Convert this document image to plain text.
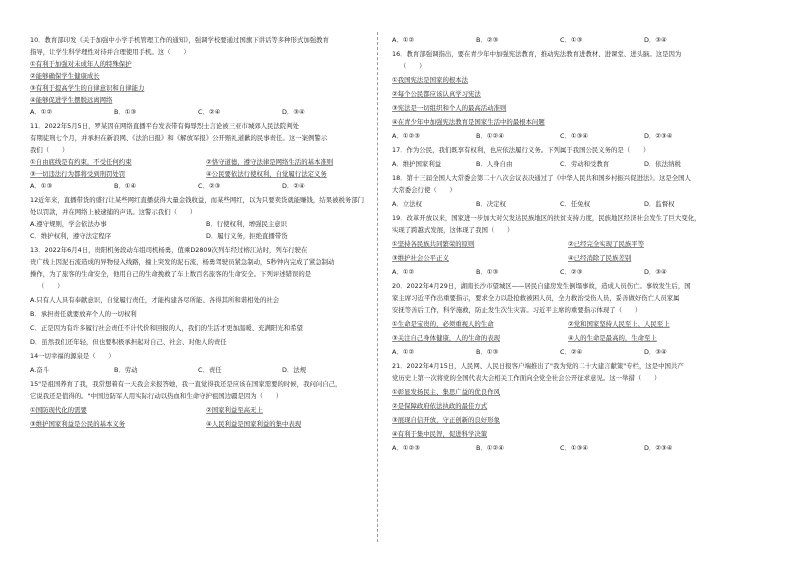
10．教育部印发《关于加强中小学手机管理工作的通知》，强调学校要通过国旗下讲话等多种形式加强教育
指导，让学生科学理性对待并合理使用手机。这（　　）
①有利于加强对未成年人的特殊保护
②能够确保学生健康成长
③有利于提高学生的自律意识和自律能力
④能够促进学生摆脱远离网络
A．①②	B．①③	C．②④	D．③④
11．2022年5月5日，罗某因在网络直播平台发表带有侮辱烈士言论被三亚市城郊人民法院判处
有期徒刑七个月，并承担在新浪网、《法治日报》和《解放军报》公开赔礼道歉的民事责任。这一案例警示
我们（　　）
①自由底线是有约束，不受任何约束	②恪守道德，遵守法律是网络生活的基本准则
③一切违法行为都将受到刑罚处罚	④公民要依法行使权利，自觉履行法定义务
A．①③	B．①④	C．②③	D．②④
12近年来，直播带货的盛行让某些网红直播获得大量金钱收益，而某些网红，以为只要卖货就能赚钱，结果被税务部门
处以罚款，并在网络上被逮捕的声讯。这警示我们（　　）
A.遵守规则，学会依法办事	B．行使权利，增强民主意识
C．维护权利，遵守法定程序	D．履行义务，拒绝直播带货
13．2022年6月4日，贵阳机务段动车组司机杨勇，值乘D2809次列车经过榕江站时，列车行驶在
贵广线上因泥石流造成的异物侵入线路，撞上突发的泥石流，杨勇驾驶员紧急制动，5秒钟内完成了紧急制动
操作，为了旅客的生命安全，他用自己的生命挽救了车上数百名旅客的生命安全。下列评述错误的是
（　　）
A.只有人人具有奉献意识，自觉履行责任，才能构建各尽所能、各得其所和谐相处的社会
B．承担责任就要放弃个人的一切权利
C．正是因为有许多履行社会责任不计代价和回报的人，我们的生活才更加温暖、充满阳光和希望
D．虽然我们还年轻，但也要积极承担起对自己、社会、对他人的责任
14一切幸福的源泉是（　　）
A.奋斗	B．劳动	C．责任	D．法规
15"是祖国养育了我，我常想着有一天我会来报答她，我一直觉得我还是应该在国家需要的时候，我问问自己，
它说我还是值得的。"中国边防军人用实际行动以热血和生命守护祖国边疆是因为（　　）
①国防现代化的需要	②国家利益至高无上
③维护国家利益是公民的基本义务	④人民利益是国家利益的集中表现
A．①②	B．②③	C．①③	D．③④
16．教育部强调指出，要在青少年中加强宪法教育，推动宪法教育进教材、进课堂、进头脑。这是因为
（　　）
①我国宪法是国家的根本法
②每个公民都应该认真学习宪法
③宪法是一切组织和个人的最高活动准则
④在青少年中加强宪法教育是国家生活中的最根本问题
A．①②③	B．①②④	C．①③④	D．②③④
17．作为公民，我们既享有权利，也应依法履行义务。下列属于我国公民义务的是（　　）
A．维护国家利益	B．人身自由	C．劳动和受教育	D．依法纳税
18．第十三届全国人大常委会第二十八次会议表决通过了《中华人民共和国乡村振兴促进法》。这是全国人
大常委会行使（　　）
A．立法权	B．决定权	C．任免权	D．监督权
19．改革开放以来，国家进一步加大对欠发达民族地区的扶贫支持力度，民族地区经济社会发生了巨大变化，
实现了跨越式发展，这体现了我国（　　）
①坚持各民族共同繁荣的原则	②已经完全实现了民族平等
③维护社会公平正义	④已经消除了民族差别
A．①②	B．①③	C．②③	D．③④
20．2022年4月29日，湖南长沙市望城区——居民自建房发生倒塌事故，造成人员伤亡。事故发生后，国
家主席习近平作出重要指示，要求全力以赴抢救被困人员，全力救治受伤人员，妥善做好伤亡人员家属
安抚等善后工作，科学施救，防止发生次生灾害。习近平主席的重要指示体现了（　　）
①生命是宝贵的，必须重视人的生命	②党和国家坚持人民至上、人民至上
③关注自己身体健康，人的生命的表现	④人的生命是最高的，生命至上
A．①②	B．①③	C．②④	D．③④
21．2022年4月15日，人民网、人民日报客户端推出了"我为党的二十大建言献策"专栏，这是中国共产
党历史上第一次将党的全国代表大会相关工作面向全党全社会公开征求意见。这一举措（　　）
①彰显发扬民主、集思广益的优良作风
②是保障政府依法执政的最佳方式
③展现自信开放，守正创新的良好形象
④有利于集中民智，促进科学决策
A．①②③	B．①②④	C．①③④	D．②③④
